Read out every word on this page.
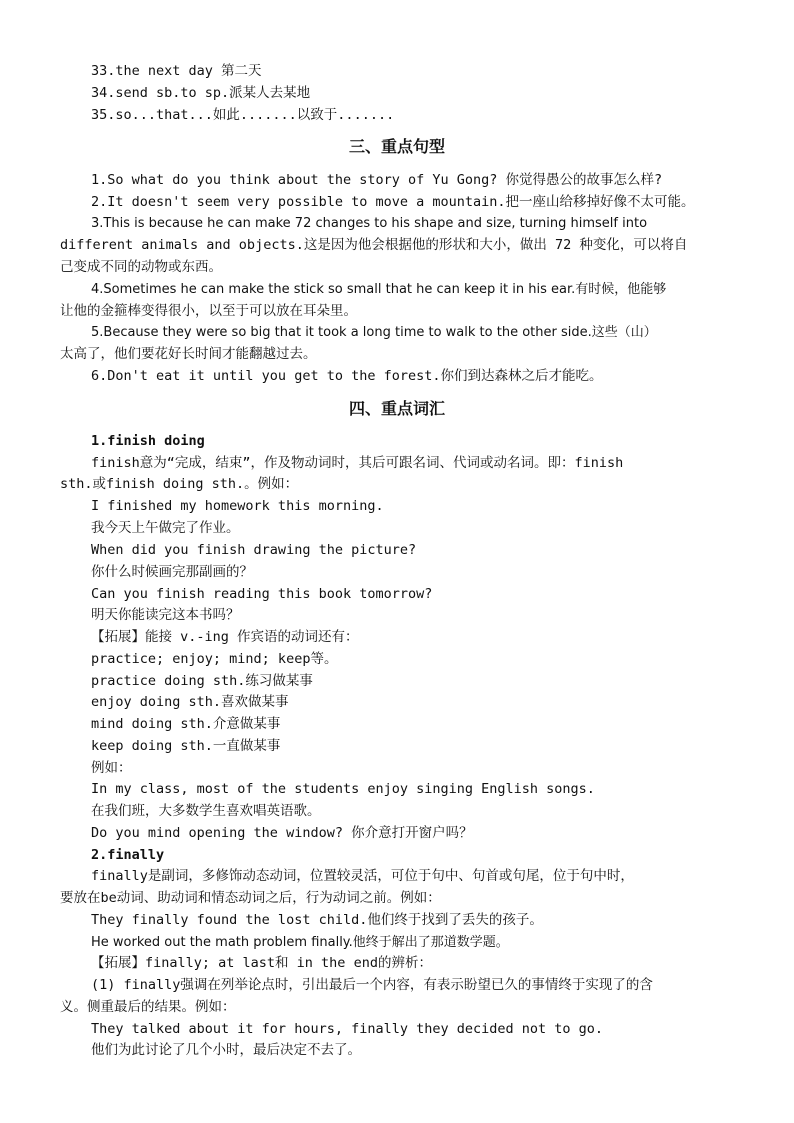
33.the next day 第二天
34.send sb.to sp.派某人去某地
35.so...that...如此.......以致于.......
三、重点句型
1.So what do you think about the story of Yu Gong? 你觉得愚公的故事怎么样?
2.It doesn't seem very possible to move a mountain.把一座山给移掉好像不太可能。
3.This is because he can make 72 changes to his shape and size, turning himself into
different animals and objects.这是因为他会根据他的形状和大小，做出 72 种变化，可以将自
己变成不同的动物或东西。
4.Sometimes he can make the stick so small that he can keep it in his ear.有时候，他能够
让他的金箍棒变得很小，以至于可以放在耳朵里。
5.Because they were so big that it took a long time to walk to the other side.这些（山）
太高了，他们要花好长时间才能翻越过去。
6.Don't eat it until you get to the forest.你们到达森林之后才能吃。
四、重点词汇
1.finish doing
finish意为“完成，结束”，作及物动词时，其后可跟名词、代词或动名词。即：finish
sth.或finish doing sth.。例如：
I finished my homework this morning.
我今天上午做完了作业。
When did you finish drawing the picture?
你什么时候画完那副画的？
Can you finish reading this book tomorrow?
明天你能读完这本书吗？
【拓展】能接 v.-ing 作宾语的动词还有：
practice; enjoy; mind; keep等。
practice doing sth.练习做某事
enjoy doing sth.喜欢做某事
mind doing sth.介意做某事
keep doing sth.一直做某事
例如：
In my class, most of the students enjoy singing English songs.
在我们班，大多数学生喜欢唱英语歌。
Do you mind opening the window? 你介意打开窗户吗？
2.finally
finally是副词，多修饰动态动词，位置较灵活，可位于句中、句首或句尾，位于句中时，
要放在be动词、助动词和情态动词之后，行为动词之前。例如：
They finally found the lost child.他们终于找到了丢失的孩子。
He worked out the math problem finally.他终于解出了那道数学题。
【拓展】finally; at last和 in the end的辨析：
(1) finally强调在列举论点时，引出最后一个内容，有表示盼望已久的事情终于实现了的含
义。侧重最后的结果。例如：
They talked about it for hours, finally they decided not to go.
他们为此讨论了几个小时，最后决定不去了。
